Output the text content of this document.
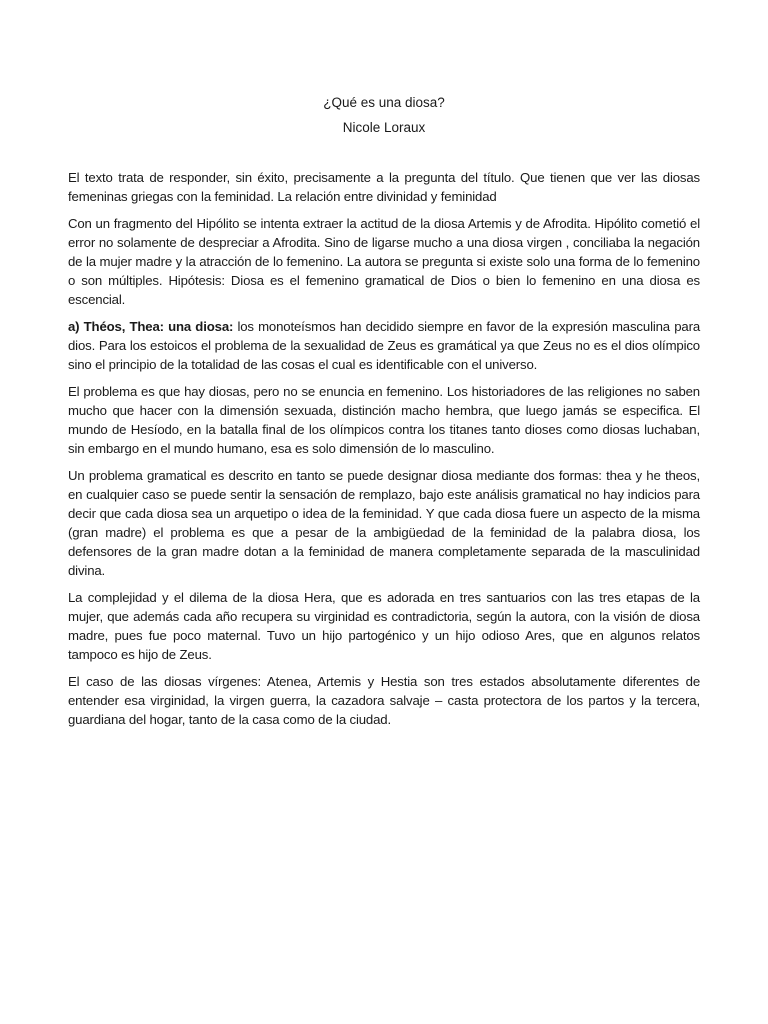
¿Qué es una diosa?
Nicole Loraux

El texto trata de responder, sin éxito, precisamente a la pregunta del título. Que tienen que ver las diosas femeninas griegas con la feminidad. La relación entre divinidad y feminidad

Con un fragmento del Hipólito se intenta extraer la actitud de la diosa Artemis y de Afrodita. Hipólito cometió el error no solamente de despreciar a Afrodita. Sino de ligarse mucho a una diosa virgen , conciliaba la negación de la mujer madre y la atracción de lo femenino. La autora se pregunta si existe solo una forma de lo femenino o son múltiples. Hipótesis: Diosa es el femenino gramatical de Dios o bien lo femenino en una diosa es escencial.

a) Théos, Thea: una diosa: los monoteísmos han decidido siempre en favor de la expresión masculina para dios. Para los estoicos el problema de la sexualidad de Zeus es gramátical ya que Zeus no es el dios olímpico sino el principio de la totalidad de las cosas el cual es identificable con el universo.

El problema es que hay diosas, pero no se enuncia en femenino. Los historiadores de las religiones no saben mucho que hacer con la dimensión sexuada, distinción macho hembra, que luego jamás se especifica. El mundo de Hesíodo, en la batalla final de los olímpicos contra los titanes tanto dioses como diosas luchaban, sin embargo en el mundo humano, esa es solo dimensión de lo masculino.

Un problema gramatical es descrito en tanto se puede designar diosa mediante dos formas: thea y he theos, en cualquier caso se puede sentir la sensación de remplazo, bajo este análisis gramatical no hay indicios para decir que cada diosa sea un arquetipo o idea de la feminidad. Y que cada diosa fuere un aspecto de la misma (gran madre) el problema es que a pesar de la ambigüedad de la feminidad de la palabra diosa, los defensores de la gran madre dotan a la feminidad de manera completamente separada de la masculinidad divina.

La complejidad y el dilema de la diosa Hera, que es adorada en tres santuarios con las tres etapas de la mujer, que además cada año recupera su virginidad es contradictoria, según la autora, con la visión de diosa madre, pues fue poco maternal. Tuvo un hijo partogénico y un hijo odioso Ares, que en algunos relatos tampoco es hijo de Zeus.

El caso de las diosas vírgenes: Atenea, Artemis y Hestia son tres estados absolutamente diferentes de entender esa virginidad, la virgen guerra, la cazadora salvaje – casta protectora de los partos y la tercera, guardiana del hogar, tanto de la casa como de la ciudad.
